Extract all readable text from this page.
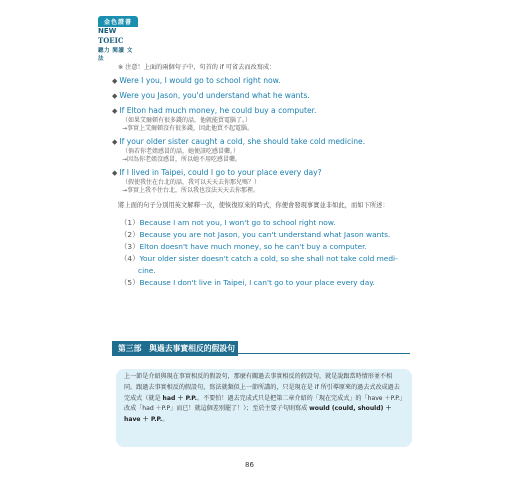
金色證書
NEW TOEIC
聽力 閱讀 文法
※ 注意！上面的兩個句子中，句首的 if 可省去而改寫成：
◆ Were I you, I would go to school right now.
◆ Were you Jason, you'd understand what he wants.
◆ If Elton had much money, he could buy a computer.
（如果艾爾頓有很多錢的話，他就能買電腦了。）
→事實上艾爾頓沒有很多錢，因此他買不起電腦。
◆ If your older sister caught a cold, she should take cold medicine.
（倘若你老姐感冒的話，她便該吃感冒藥。）
→因為你老姐沒感冒，所以她不用吃感冒藥。
◆ If I lived in Taipei, could I go to your place every day?
（假使我住在台北的話，我可以天天去你那兒嗎？）
→事實上我不住台北，所以我也沒法天天去你那裡。
將上面的句子分別用英文解釋一次，使恢復原來的時式，你便會發現事實並非如此，而如下所述：
（1）Because I am not you, I won't go to school right now.
（2）Because you are not Jason, you can't understand what Jason wants.
（3）Elton doesn't have much money, so he can't buy a computer.
（4）Your older sister doesn't catch a cold, so she shall not take cold medi-
cine.
（5）Because I don't live in Taipei, I can't go to your place every day.
第三部　與過去事實相反的假設句

上一節是介紹與現在事實相反的假設句，那麼有關過去事實相反的假設句，就是說跟當時情形並不相同。跟過去事實相反的假設句，寫法就類似上一節所講的，只是現在是 if 所引導原來的過去式改成過去完成式（就是 had ＋ P.P.。不要怕！過去完成式只是把第二章介紹的「現在完成式」的「have ＋P.P.」改成「had ＋P.P」而已！就這個差別罷了！）；至於主要子句則寫成 would (could, should) ＋ have ＋ P.P.。

86
